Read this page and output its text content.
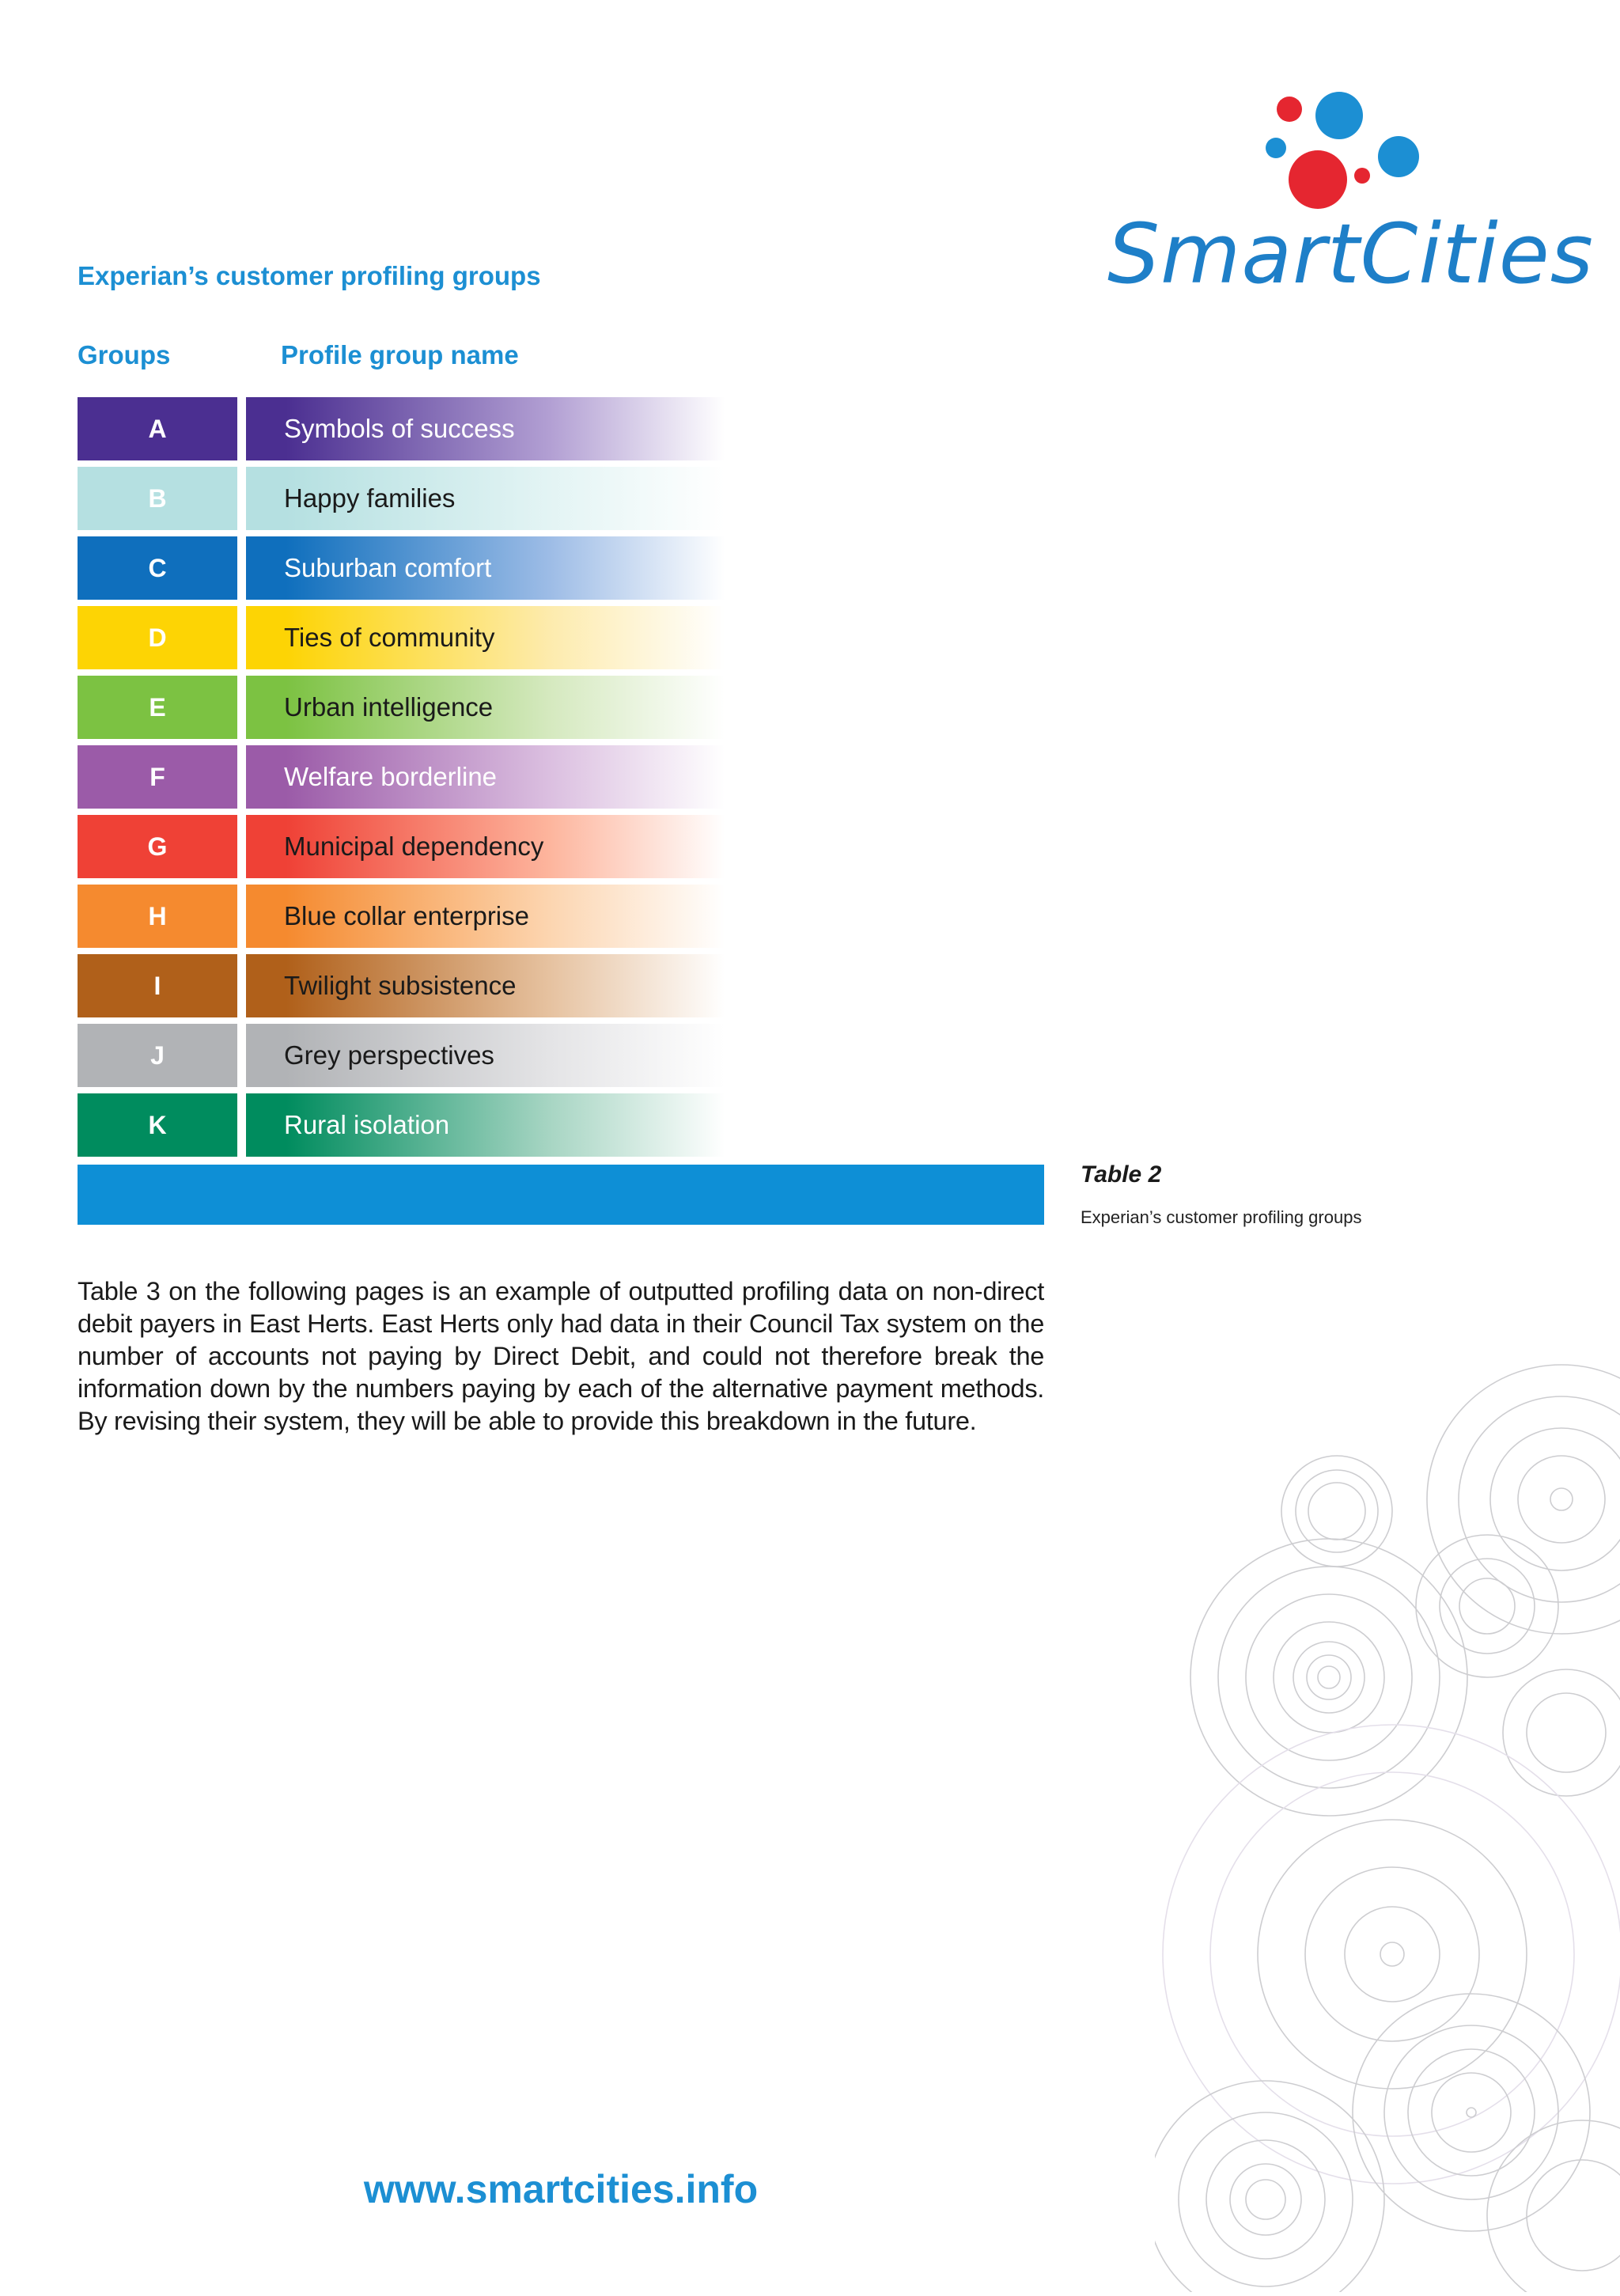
SmartCities
Experian’s customer profiling groups
Groups	Profile group name
A	Symbols of success
B	Happy families
C	Suburban comfort
D	Ties of community
E	Urban intelligence
F	Welfare borderline
G	Municipal dependency
H	Blue collar enterprise
I	Twilight subsistence
J	Grey perspectives
K	Rural isolation
Table 2
Experian’s customer profiling groups
Table 3 on the following pages is an example of outputted profiling data on non-direct debit payers in East Herts. East Herts only had data in their Council Tax system on the number of accounts not paying by Direct Debit, and could not therefore break the information down by the numbers paying by each of the alternative payment methods. By revising their system, they will be able to provide this breakdown in the future.
www.smartcities.info
